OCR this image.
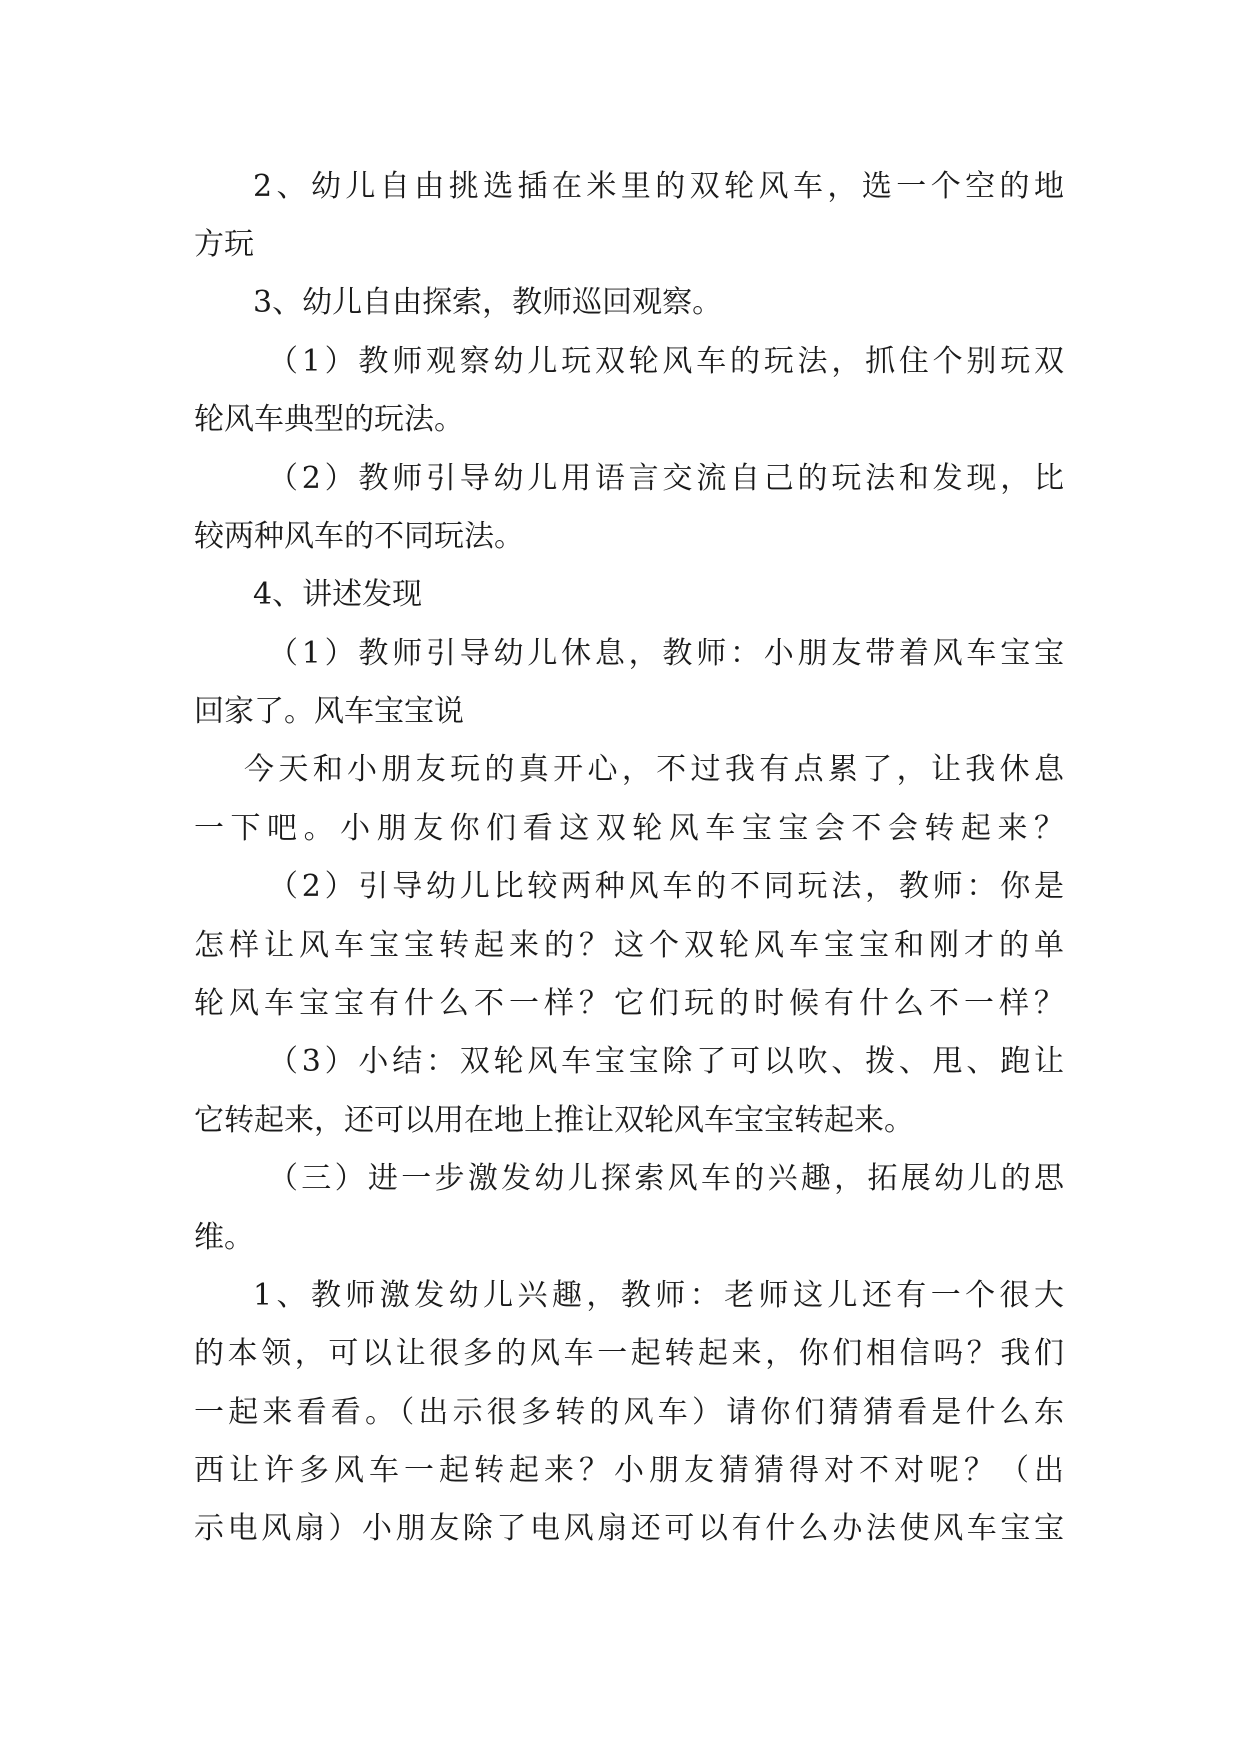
2、幼儿自由挑选插在米里的双轮风车，选一个空的地
方玩
3、幼儿自由探索，教师巡回观察。
（1）教师观察幼儿玩双轮风车的玩法，抓住个别玩双
轮风车典型的玩法。
（2）教师引导幼儿用语言交流自己的玩法和发现，比
较两种风车的不同玩法。
4、讲述发现
（1）教师引导幼儿休息，教师：小朋友带着风车宝宝
回家了。风车宝宝说
今天和小朋友玩的真开心，不过我有点累了，让我休息
一下吧。小朋友你们看这双轮风车宝宝会不会转起来？
（2）引导幼儿比较两种风车的不同玩法，教师：你是
怎样让风车宝宝转起来的？这个双轮风车宝宝和刚才的单
轮风车宝宝有什么不一样？它们玩的时候有什么不一样？
（3）小结：双轮风车宝宝除了可以吹、拨、甩、跑让
它转起来，还可以用在地上推让双轮风车宝宝转起来。
（三）进一步激发幼儿探索风车的兴趣，拓展幼儿的思
维。
1、教师激发幼儿兴趣，教师：老师这儿还有一个很大
的本领，可以让很多的风车一起转起来，你们相信吗？我们
一起来看看。（出示很多转的风车）请你们猜猜看是什么东
西让许多风车一起转起来？小朋友猜猜得对不对呢？（出
示电风扇）小朋友除了电风扇还可以有什么办法使风车宝宝
